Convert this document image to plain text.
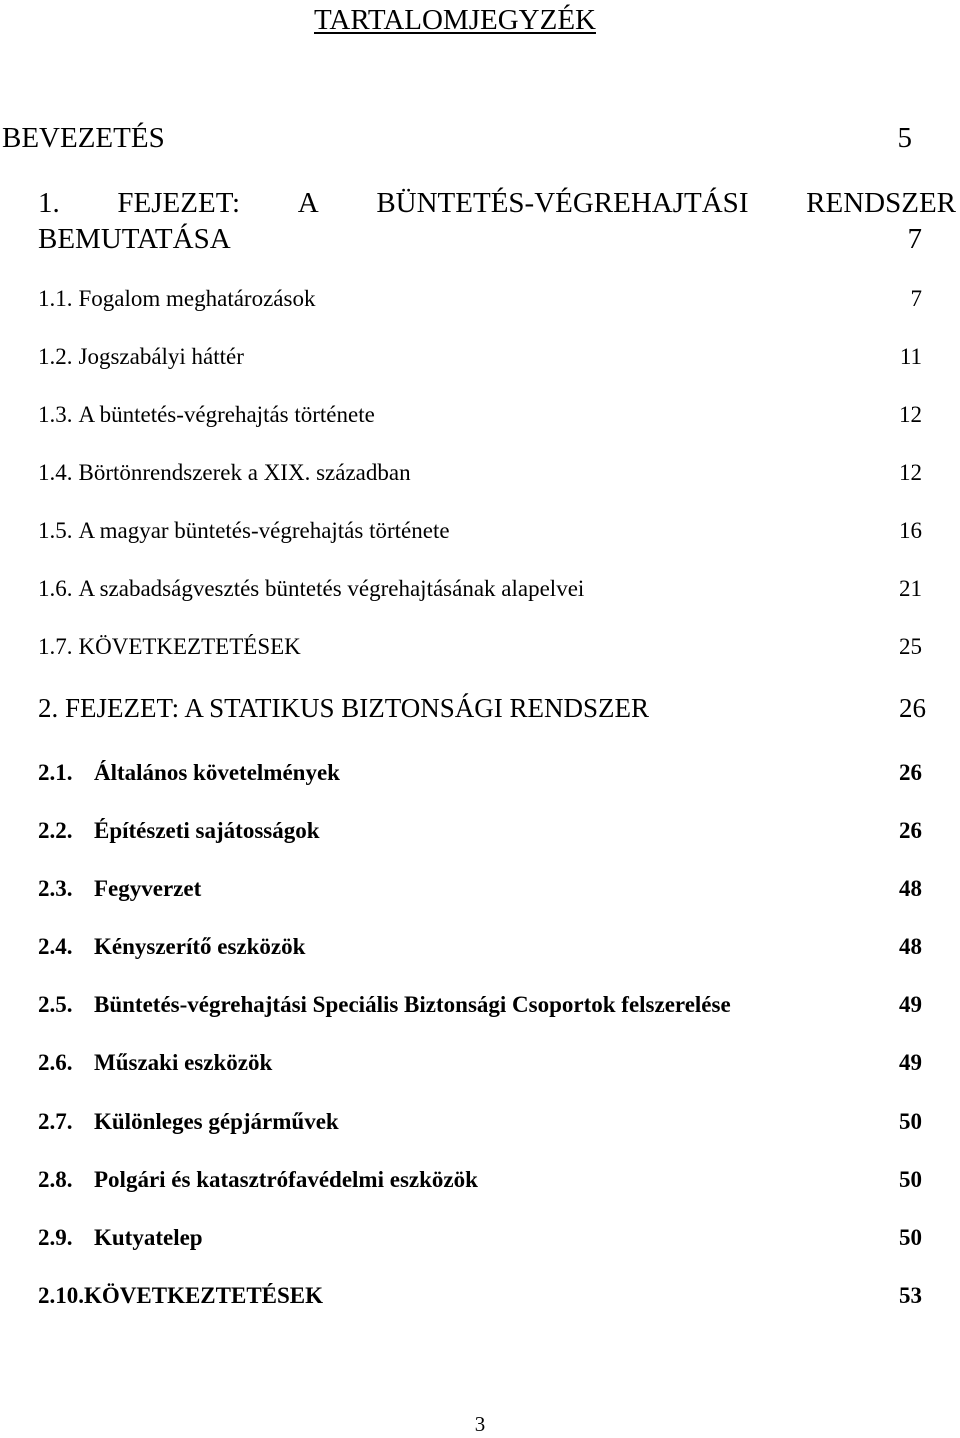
TARTALOMJEGYZÉK
BEVEZETÉS	5
1. FEJEZET: A BÜNTETÉS-VÉGREHAJTÁSI RENDSZER
BEMUTATÁSA	7
1.1. Fogalom meghatározások	7
1.2. Jogszabályi háttér	11
1.3. A büntetés-végrehajtás története	12
1.4. Börtönrendszerek a XIX. században	12
1.5. A magyar büntetés-végrehajtás története	16
1.6. A szabadságvesztés büntetés végrehajtásának alapelvei	21
1.7. KÖVETKEZTETÉSEK	25
2. FEJEZET: A STATIKUS BIZTONSÁGI RENDSZER	26
2.1. Általános követelmények	26
2.2. Építészeti sajátosságok	26
2.3. Fegyverzet	48
2.4. Kényszerítő eszközök	48
2.5. Büntetés-végrehajtási Speciális Biztonsági Csoportok felszerelése	49
2.6. Műszaki eszközök	49
2.7. Különleges gépjárművek	50
2.8. Polgári és katasztrófavédelmi eszközök	50
2.9. Kutyatelep	50
2.10.KÖVETKEZTETÉSEK	53
3
